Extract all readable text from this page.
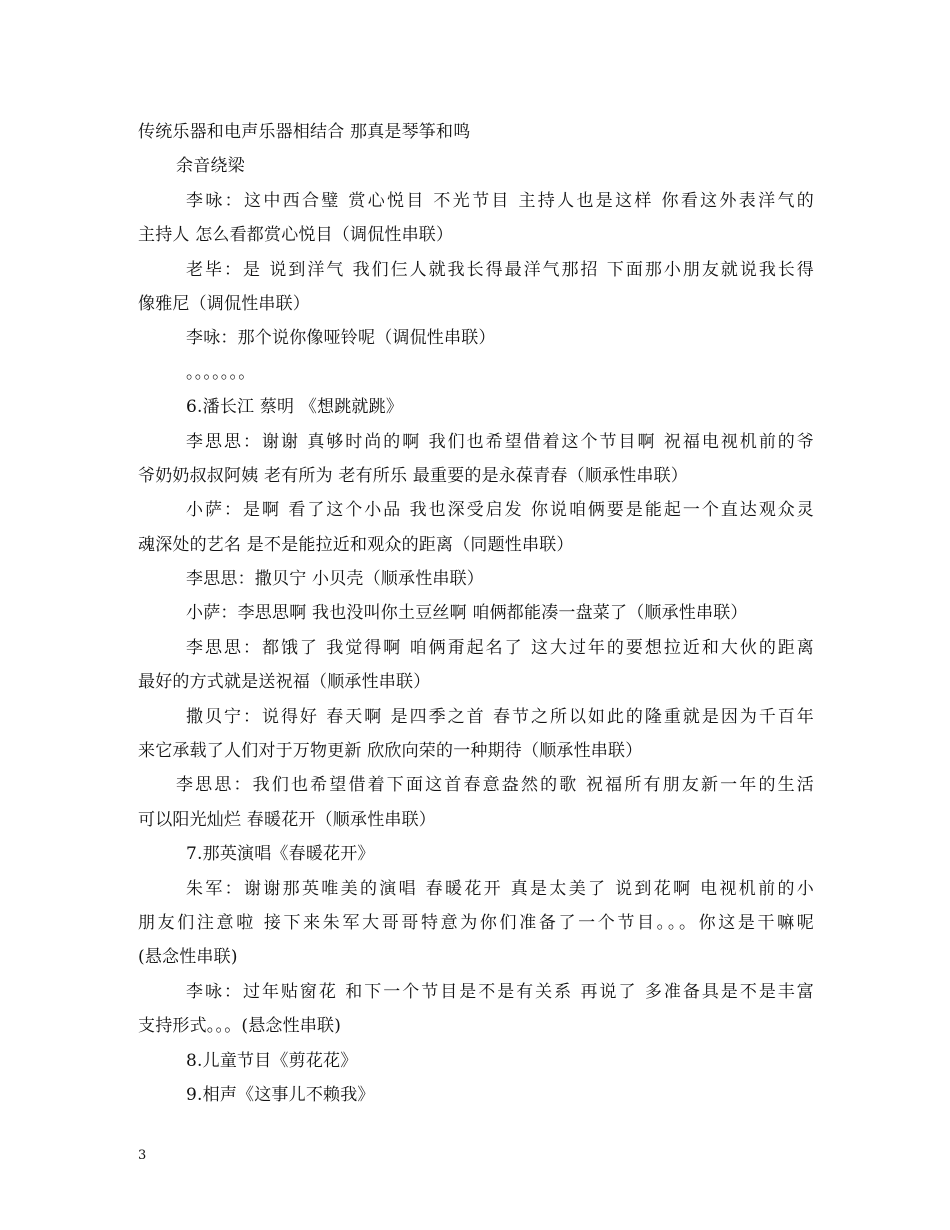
传统乐器和电声乐器相结合 那真是琴筝和鸣
余音绕梁
李咏：这中西合璧 赏心悦目 不光节目 主持人也是这样 你看这外表洋气的
主持人 怎么看都赏心悦目（调侃性串联）
老毕：是 说到洋气 我们仨人就我长得最洋气那招 下面那小朋友就说我长得
像雅尼（调侃性串联）
李咏：那个说你像哑铃呢（调侃性串联）
。。。。。。。
6.潘长江 蔡明 《想跳就跳》
李思思：谢谢 真够时尚的啊 我们也希望借着这个节目啊 祝福电视机前的爷
爷奶奶叔叔阿姨 老有所为 老有所乐 最重要的是永葆青春（顺承性串联）
小萨：是啊 看了这个小品 我也深受启发 你说咱俩要是能起一个直达观众灵
魂深处的艺名 是不是能拉近和观众的距离（同题性串联）
李思思：撒贝宁 小贝壳（顺承性串联）
小萨：李思思啊 我也没叫你土豆丝啊 咱俩都能凑一盘菜了（顺承性串联）
李思思：都饿了 我觉得啊 咱俩甭起名了 这大过年的要想拉近和大伙的距离
最好的方式就是送祝福（顺承性串联）
撒贝宁：说得好 春天啊 是四季之首 春节之所以如此的隆重就是因为千百年
来它承载了人们对于万物更新 欣欣向荣的一种期待（顺承性串联）
李思思：我们也希望借着下面这首春意盎然的歌 祝福所有朋友新一年的生活
可以阳光灿烂 春暖花开（顺承性串联）
7.那英演唱《春暖花开》
朱军：谢谢那英唯美的演唱 春暖花开 真是太美了 说到花啊 电视机前的小
朋友们注意啦 接下来朱军大哥哥特意为你们准备了一个节目。。。你这是干嘛呢
(悬念性串联)
李咏：过年贴窗花 和下一个节目是不是有关系 再说了 多准备具是不是丰富
支持形式。。。(悬念性串联)
8.儿童节目《剪花花》
9.相声《这事儿不赖我》
3
